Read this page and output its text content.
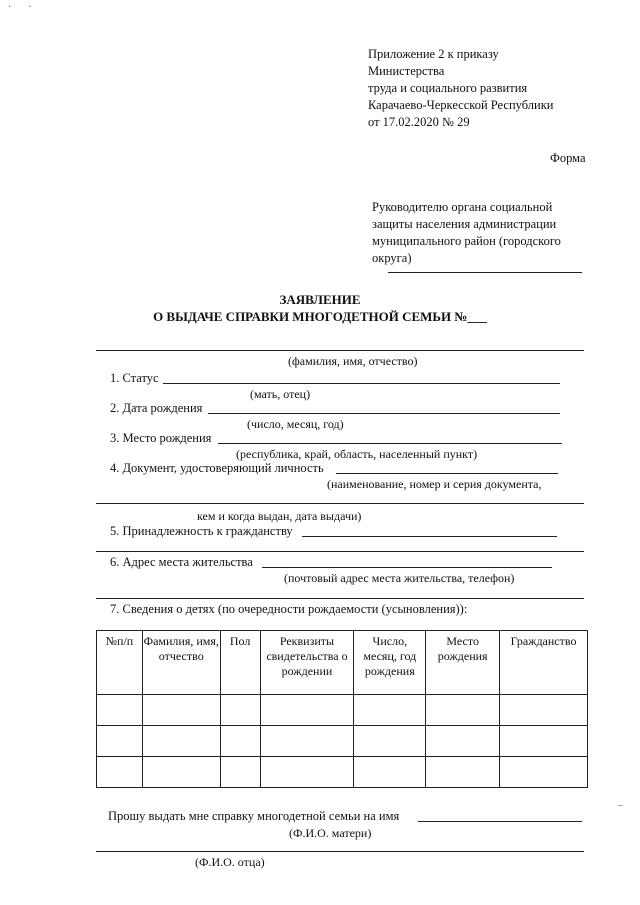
· ·
Приложение 2 к приказу
Министерства
труда и социального развития
Карачаево-Черкесской Республики
от 17.02.2020 № 29
Форма
Руководителю органа социальной
защиты населения администрации
муниципального район (городского
округа)
ЗАЯВЛЕНИЕ
О ВЫДАЧЕ СПРАВКИ МНОГОДЕТНОЙ СЕМЬИ №___
(фамилия, имя, отчество)
1. Статус
(мать, отец)
2. Дата рождения
(число, месяц, год)
3. Место рождения
(республика, край, область, населенный пункт)
4. Документ, удостоверяющий личность
(наименование, номер и серия документа,
кем и когда выдан, дата выдачи)
5. Принадлежность к гражданству
6. Адрес места жительства
(почтовый адрес места жительства, телефон)
7. Сведения о детях (по очередности рождаемости (усыновления)):
№п/п	Фамилия, имя, отчество	Пол	Реквизиты свидетельства о рождении	Число, месяц, год рождения	Место рождения	Гражданство

Прошу выдать мне справку многодетной семьи на имя
(Ф.И.О. матери)
(Ф.И.О. отца)
–
